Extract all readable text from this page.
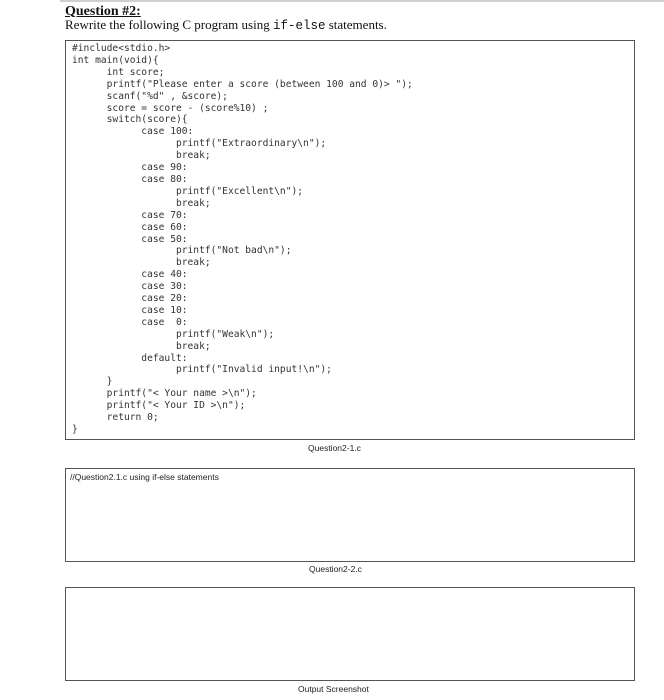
Question #2:
Rewrite the following C program using if-else statements.
#include<stdio.h>
int main(void){
int score;
printf("Please enter a score (between 100 and 0)> ");
scanf("%d" , &score);
score = score - (score%10) ;
switch(score){
case 100:
printf("Extraordinary\n");
break;
case 90:
case 80:
printf("Excellent\n");
break;
case 70:
case 60:
case 50:
printf("Not bad\n");
break;
case 40:
case 30:
case 20:
case 10:
case  0:
printf("Weak\n");
break;
default:
printf("Invalid input!\n");
}
printf("< Your name >\n");
printf("< Your ID >\n");
return 0;
}

Question2-1.c
//Question2.1.c using if-else statements
Question2-2.c
Output Screenshot
